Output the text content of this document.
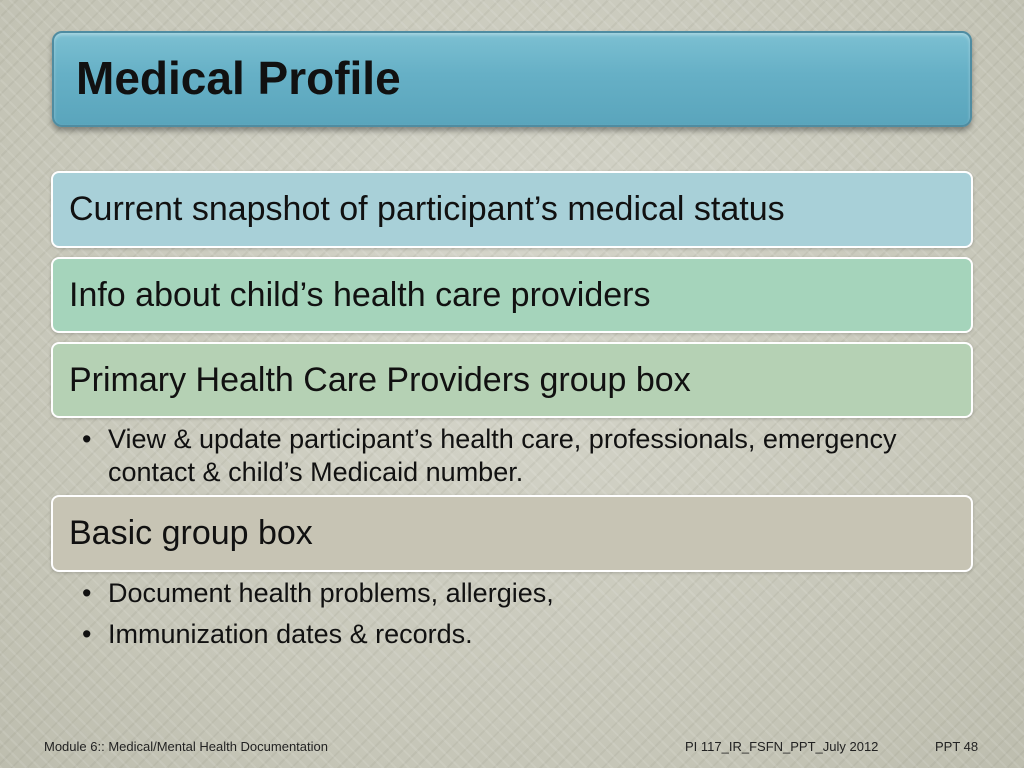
Medical Profile
Current snapshot of participant’s medical status
Info about child’s health care providers
Primary Health Care Providers group box
• View & update participant’s health care, professionals, emergency contact & child’s Medicaid number.
Basic group box
• Document health problems, allergies,
• Immunization dates & records.
Module 6:: Medical/Mental Health Documentation	PI 117_IR_FSFN_PPT_July 2012	PPT 48
